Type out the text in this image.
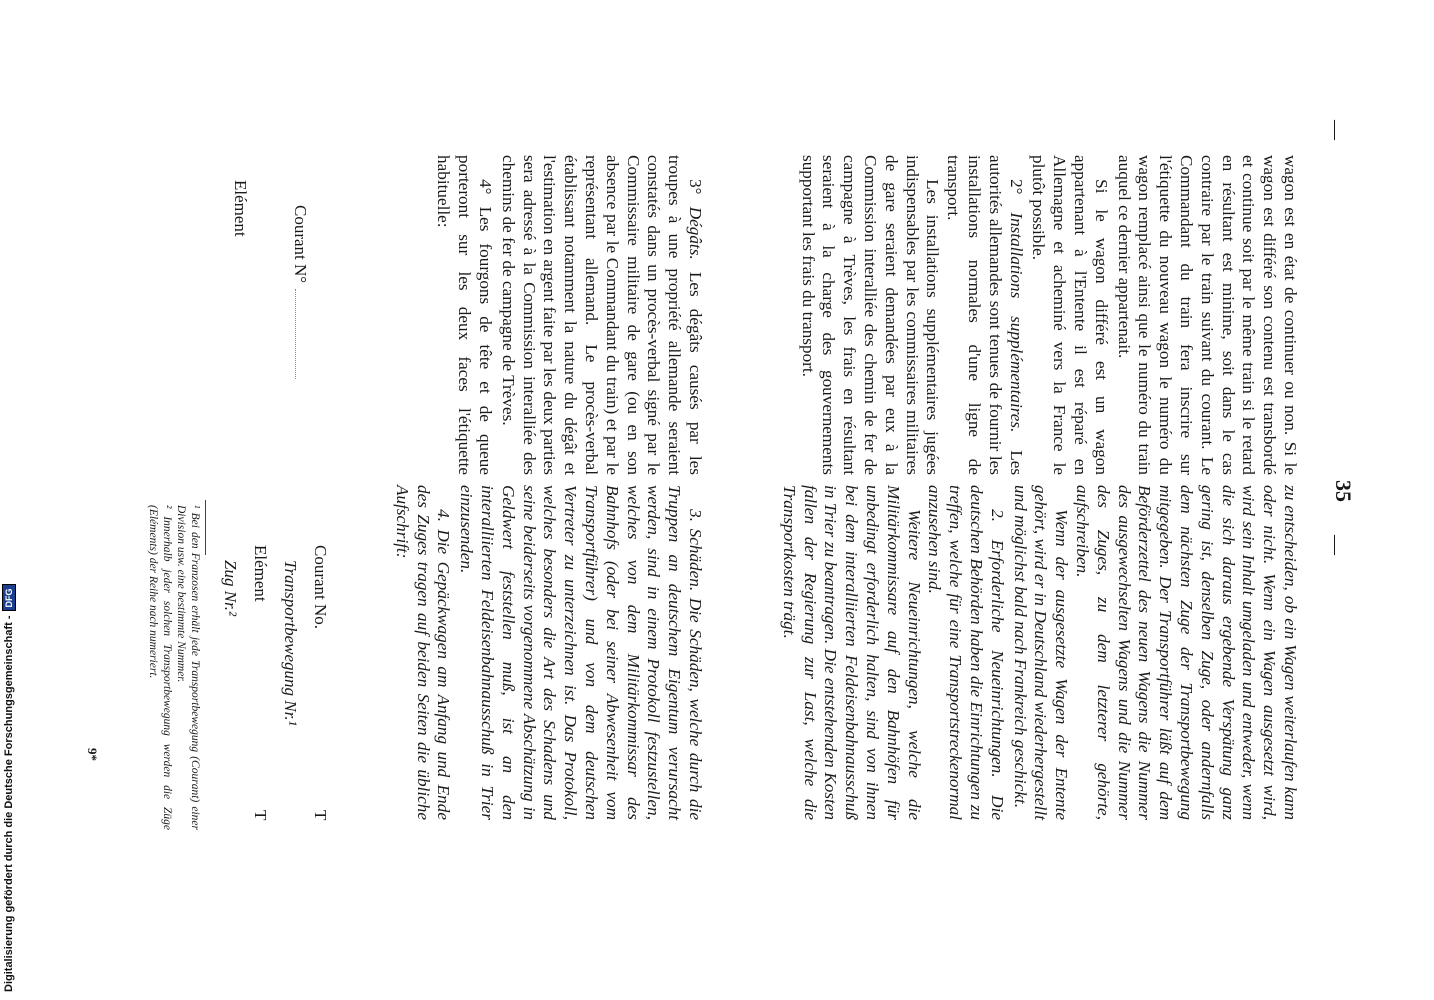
—
35
—

wagon est en état de continuer ou non. Si le wagon est différé son contenu est transbordé et continue soit par le même train si le retard en résultant est minime, soit dans le cas contraire par le train suivant du courant. Le Commandant du train fera inscrire sur l'étiquette du nouveau wagon le numéro du wagon remplacé ainsi que le numéro du train auquel ce dernier appartenait.

Si le wagon différé est un wagon appartenant à l'Entente il est réparé en Allemagne et acheminé vers la France le plutôt possible.

2° Installations supplémentaires. Les autorités allemandes sont tenues de fournir les installations normales d'une ligne de transport.

Les installations supplémentaires jugées indispensables par les commissaires militaires de gare seraient demandées par eux à la Commission interalliée des chemin de fer de campagne à Trèves, les frais en résultant seraient à la charge des gouvernements supportant les frais du transport.

3° Dégâts. Les dégâts causés par les troupes à une propriété allemande seraient constatés dans un procès-verbal signé par le Commissaire militaire de gare (ou en son absence par le Commandant du train) et par le représentant allemand. Le procès-verbal établissant notamment la nature du dégât et l'estimation en argent faite par les deux parties sera adressé à la Commission interalliée des chemins de fer de campagne de Trèves.

4° Les fourgons de tête et de queue porteront sur les deux faces l'étiquette habituelle:

Courant N°
Elément

zu entscheiden, ob ein Wagen weiterlaufen kann oder nicht. Wenn ein Wagen ausgesetzt wird, wird sein Inhalt umgeladen und entweder, wenn die sich daraus ergebende Verspätung ganz gering ist, denselben Zuge, oder andernfalls dem nächsten Zuge der Transportbewegung mitgegeben. Der Transportführer läßt auf dem Beförderzettel des neuen Wagens die Nummer des ausgewechselten Wagens und die Nummer des Zuges, zu dem letzterer gehörte, aufschreiben.

Wenn der ausgesetzte Wagen der Entente gehört, wird er in Deutschland wiederhergestellt und möglichst bald nach Frankreich geschickt.

2. Erforderliche Neueinrichtungen. Die deutschen Behörden haben die Einrichtungen zu treffen, welche für eine Transportstreckenormal anzusehen sind.

Weitere Neueinrichtungen, welche die Militärkommissare auf den Bahnhöfen für unbedingt erforderlich halten, sind von ihnen bei dem interalliierten Feldeisenbahnausschuß in Trier zu beantragen. Die entstehenden Kosten fallen der Regierung zur Last, welche die Transportkosten trägt.

3. Schäden. Die Schäden, welche durch die Truppen an deutschem Eigentum verursacht werden, sind in einem Protokoll festzustellen, welches von dem Militärkommissar des Bahnhofs (oder bei seiner Abwesenheit vom Transportführer) und von dem deutschen Vertreter zu unterzeichnen ist. Das Protokoll, welches besonders die Art des Schadens und seine beiderseits vorgenommene Abschätzung in Geldwert feststellen muß, ist an den interalliierten Feldeisenbahnausschuß in Trier einzusenden.

4. Die Gepäckwagen am Anfang und Ende des Zuges tragen auf beiden Seiten die übliche Aufschrift:

Courant No.
T
Transportbewegung Nr.¹
Elément
T
Zug Nr.²

¹ Bei den Franzosen erhält jede Transportbewegung (Courant) einer Division usw. eine bestimmte Nummer.

² Innerhalb jeder solchen Transportbewegung werden die Züge (Eléments) der Reihe nach numeriert.

9*
Digitalisierung gefördert durch die Deutsche Forschungsgemeinschaft -DFG
